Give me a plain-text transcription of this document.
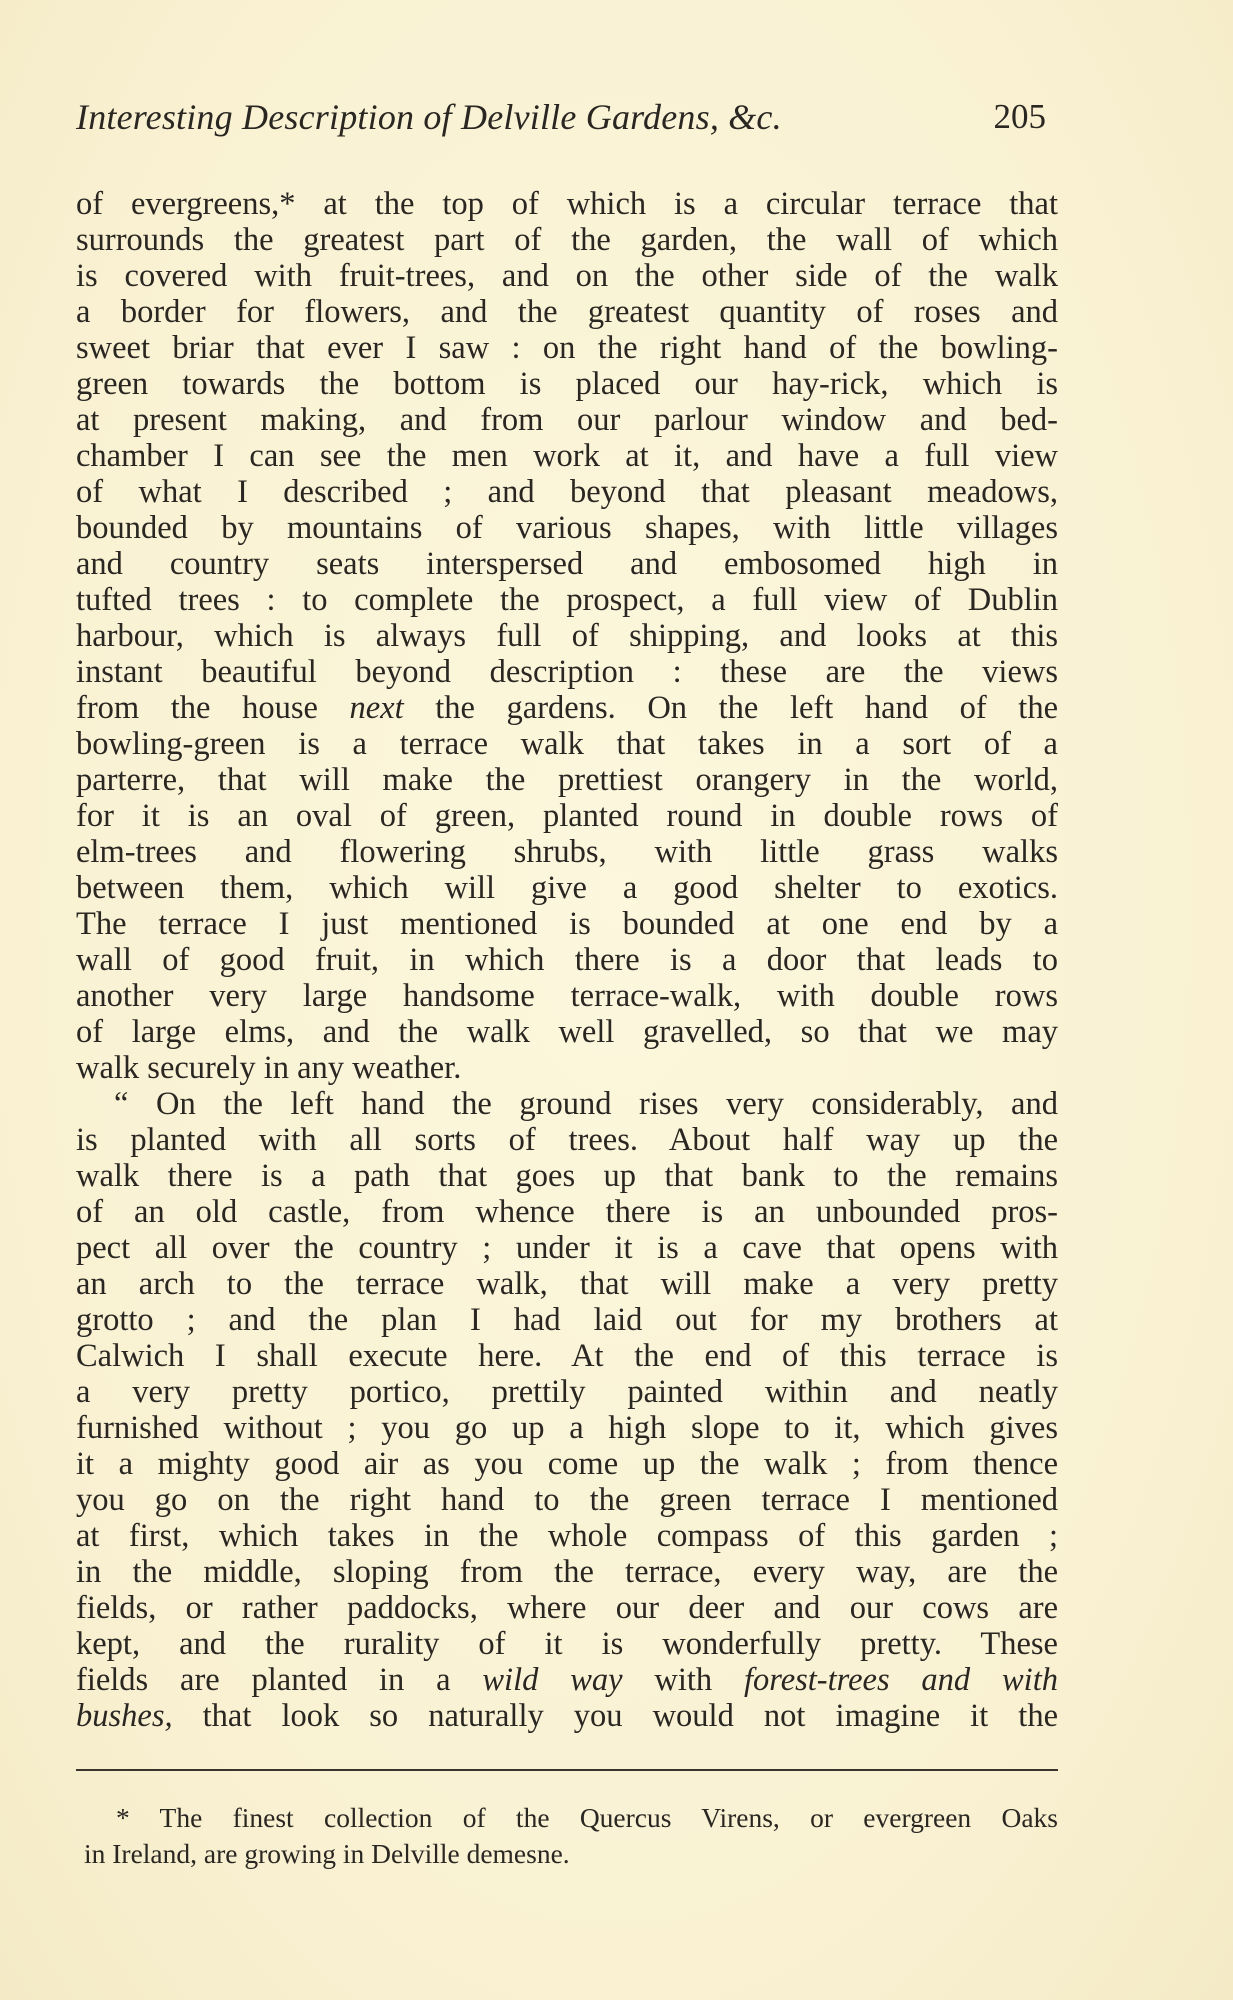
Interesting Description of Delville Gardens, &c.	205
of evergreens,* at the top of which is a circular terrace that
surrounds the greatest part of the garden, the wall of which
is covered with fruit-trees, and on the other side of the walk
a border for flowers, and the greatest quantity of roses and
sweet briar that ever I saw : on the right hand of the bowling-
green towards the bottom is placed our hay-rick, which is
at present making, and from our parlour window and bed-
chamber I can see the men work at it, and have a full view
of what I described ; and beyond that pleasant meadows,
bounded by mountains of various shapes, with little villages
and country seats interspersed and embosomed high in
tufted trees : to complete the prospect, a full view of Dublin
harbour, which is always full of shipping, and looks at this
instant beautiful beyond description : these are the views
from the house next the gardens. On the left hand of the
bowling-green is a terrace walk that takes in a sort of a
parterre, that will make the prettiest orangery in the world,
for it is an oval of green, planted round in double rows of
elm-trees and flowering shrubs, with little grass walks
between them, which will give a good shelter to exotics.
The terrace I just mentioned is bounded at one end by a
wall of good fruit, in which there is a door that leads to
another very large handsome terrace-walk, with double rows
of large elms, and the walk well gravelled, so that we may
walk securely in any weather.
“ On the left hand the ground rises very considerably, and
is planted with all sorts of trees. About half way up the
walk there is a path that goes up that bank to the remains
of an old castle, from whence there is an unbounded pros-
pect all over the country ; under it is a cave that opens with
an arch to the terrace walk, that will make a very pretty
grotto ; and the plan I had laid out for my brothers at
Calwich I shall execute here. At the end of this terrace is
a very pretty portico, prettily painted within and neatly
furnished without ; you go up a high slope to it, which gives
it a mighty good air as you come up the walk ; from thence
you go on the right hand to the green terrace I mentioned
at first, which takes in the whole compass of this garden ;
in the middle, sloping from the terrace, every way, are the
fields, or rather paddocks, where our deer and our cows are
kept, and the rurality of it is wonderfully pretty. These
fields are planted in a wild way with forest-trees and with
bushes, that look so naturally you would not imagine it the
* The finest collection of the Quercus Virens, or evergreen Oaks
in Ireland, are growing in Delville demesne.
